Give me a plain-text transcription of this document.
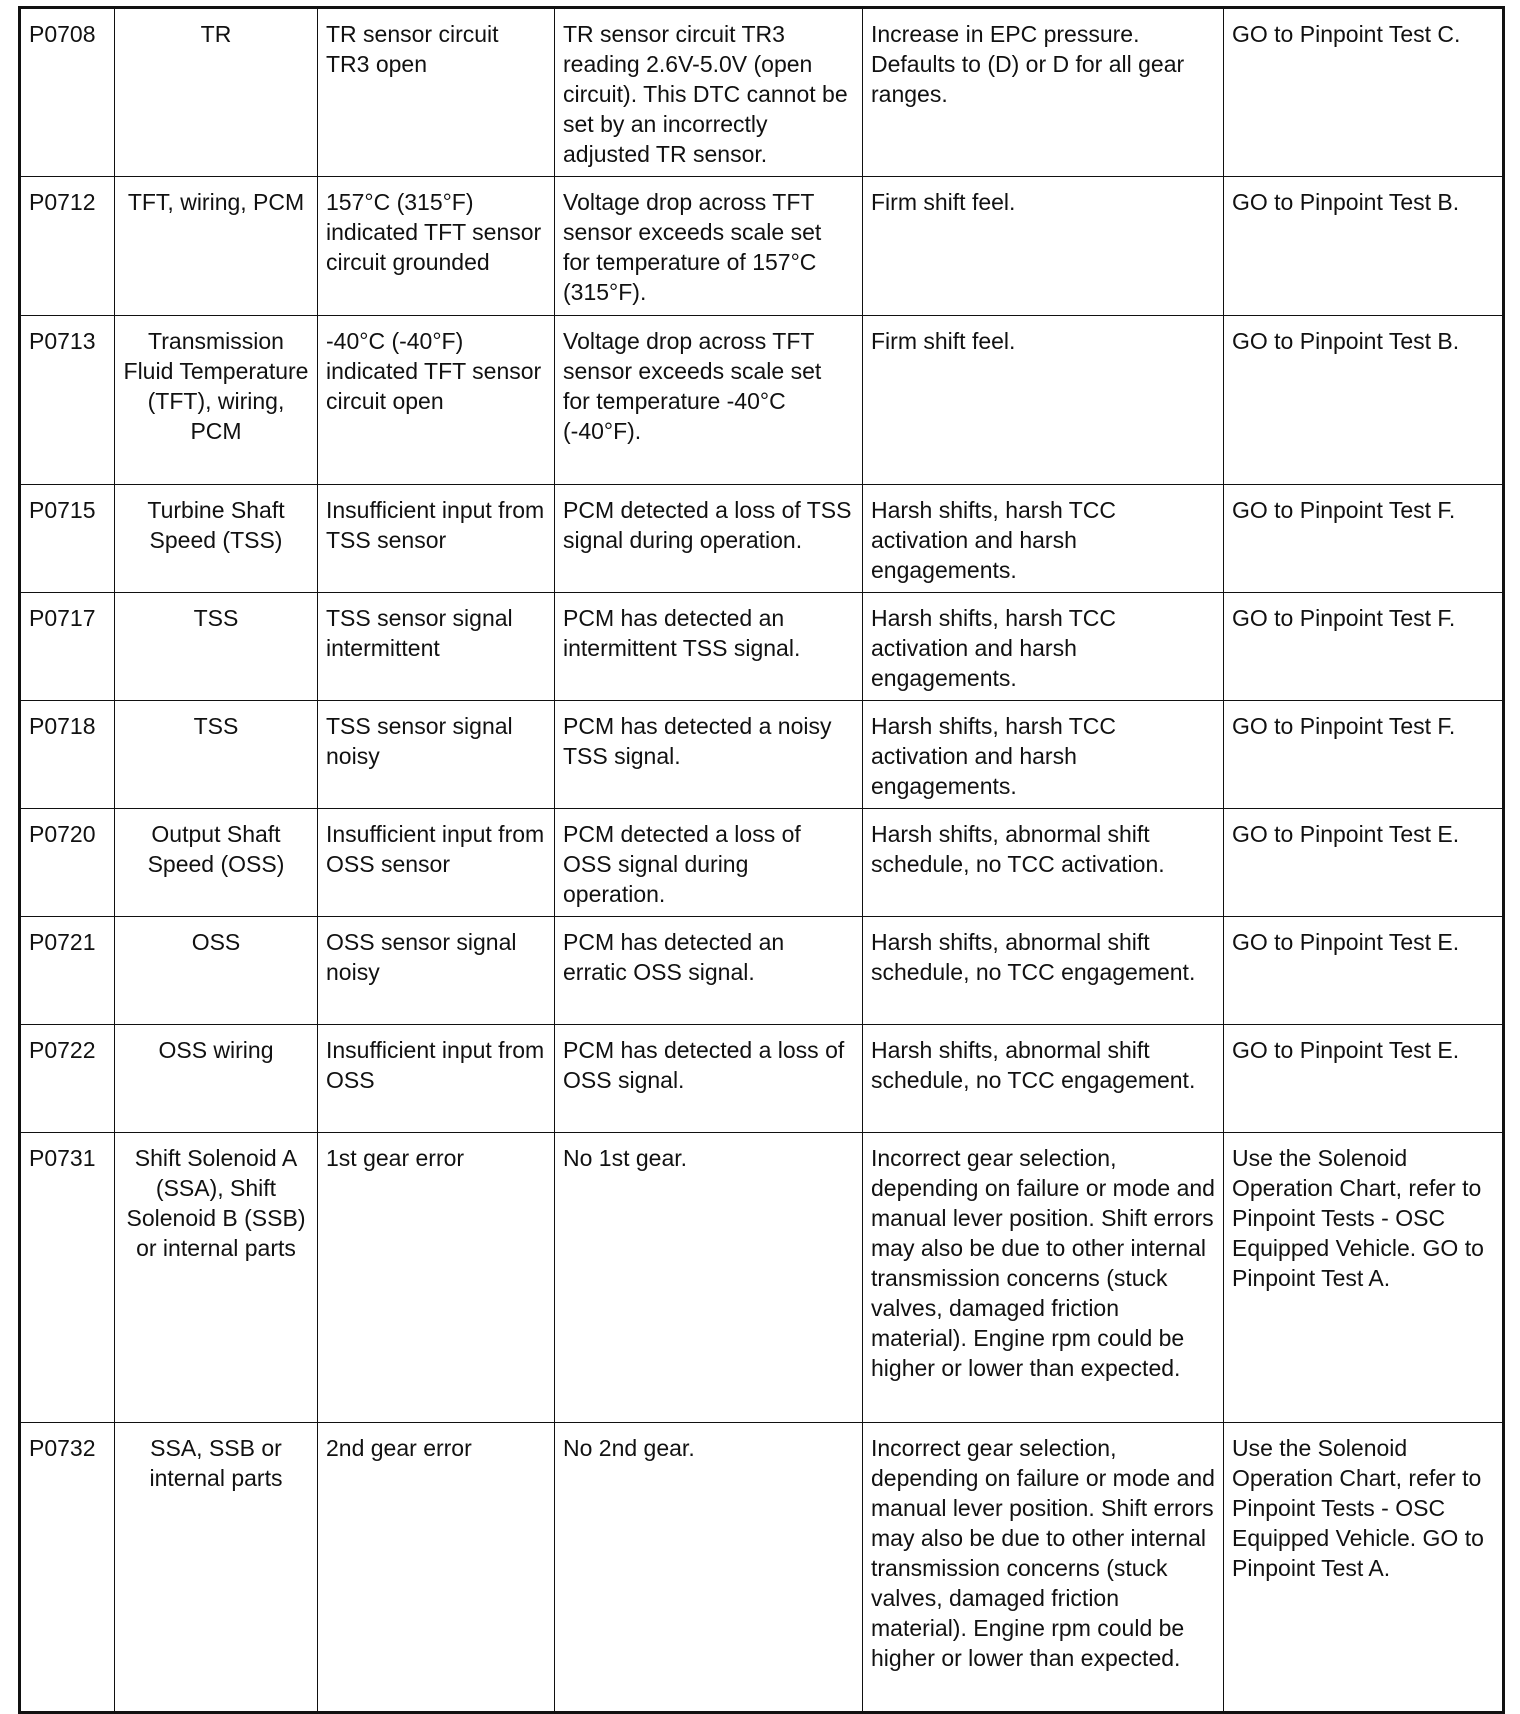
P0708	TR	TR sensor circuit TR3 open	TR sensor circuit TR3 reading 2.6V-5.0V (open circuit). This DTC cannot be set by an incorrectly adjusted TR sensor.	Increase in EPC pressure. Defaults to (D) or D for all gear ranges.	GO to Pinpoint Test C.
P0712	TFT, wiring, PCM	157°C (315°F) indicated TFT sensor circuit grounded	Voltage drop across TFT sensor exceeds scale set for temperature of 157°C (315°F).	Firm shift feel.	GO to Pinpoint Test B.
P0713	Transmission Fluid Temperature (TFT), wiring, PCM	-40°C (-40°F) indicated TFT sensor circuit open	Voltage drop across TFT sensor exceeds scale set for temperature -40°C (-40°F).	Firm shift feel.	GO to Pinpoint Test B.
P0715	Turbine Shaft Speed (TSS)	Insufficient input from TSS sensor	PCM detected a loss of TSS signal during operation.	Harsh shifts, harsh TCC activation and harsh engagements.	GO to Pinpoint Test F.
P0717	TSS	TSS sensor signal intermittent	PCM has detected an intermittent TSS signal.	Harsh shifts, harsh TCC activation and harsh engagements.	GO to Pinpoint Test F.
P0718	TSS	TSS sensor signal noisy	PCM has detected a noisy TSS signal.	Harsh shifts, harsh TCC activation and harsh engagements.	GO to Pinpoint Test F.
P0720	Output Shaft Speed (OSS)	Insufficient input from OSS sensor	PCM detected a loss of OSS signal during operation.	Harsh shifts, abnormal shift schedule, no TCC activation.	GO to Pinpoint Test E.
P0721	OSS	OSS sensor signal noisy	PCM has detected an erratic OSS signal.	Harsh shifts, abnormal shift schedule, no TCC engagement.	GO to Pinpoint Test E.
P0722	OSS wiring	Insufficient input from OSS	PCM has detected a loss of OSS signal.	Harsh shifts, abnormal shift schedule, no TCC engagement.	GO to Pinpoint Test E.
P0731	Shift Solenoid A (SSA), Shift Solenoid B (SSB) or internal parts	1st gear error	No 1st gear.	Incorrect gear selection, depending on failure or mode and manual lever position. Shift errors may also be due to other internal transmission concerns (stuck valves, damaged friction material). Engine rpm could be higher or lower than expected.	Use the Solenoid Operation Chart, refer to Pinpoint Tests - OSC Equipped Vehicle. GO to Pinpoint Test A.
P0732	SSA, SSB or internal parts	2nd gear error	No 2nd gear.	Incorrect gear selection, depending on failure or mode and manual lever position. Shift errors may also be due to other internal transmission concerns (stuck valves, damaged friction material). Engine rpm could be higher or lower than expected.	Use the Solenoid Operation Chart, refer to Pinpoint Tests - OSC Equipped Vehicle. GO to Pinpoint Test A.
